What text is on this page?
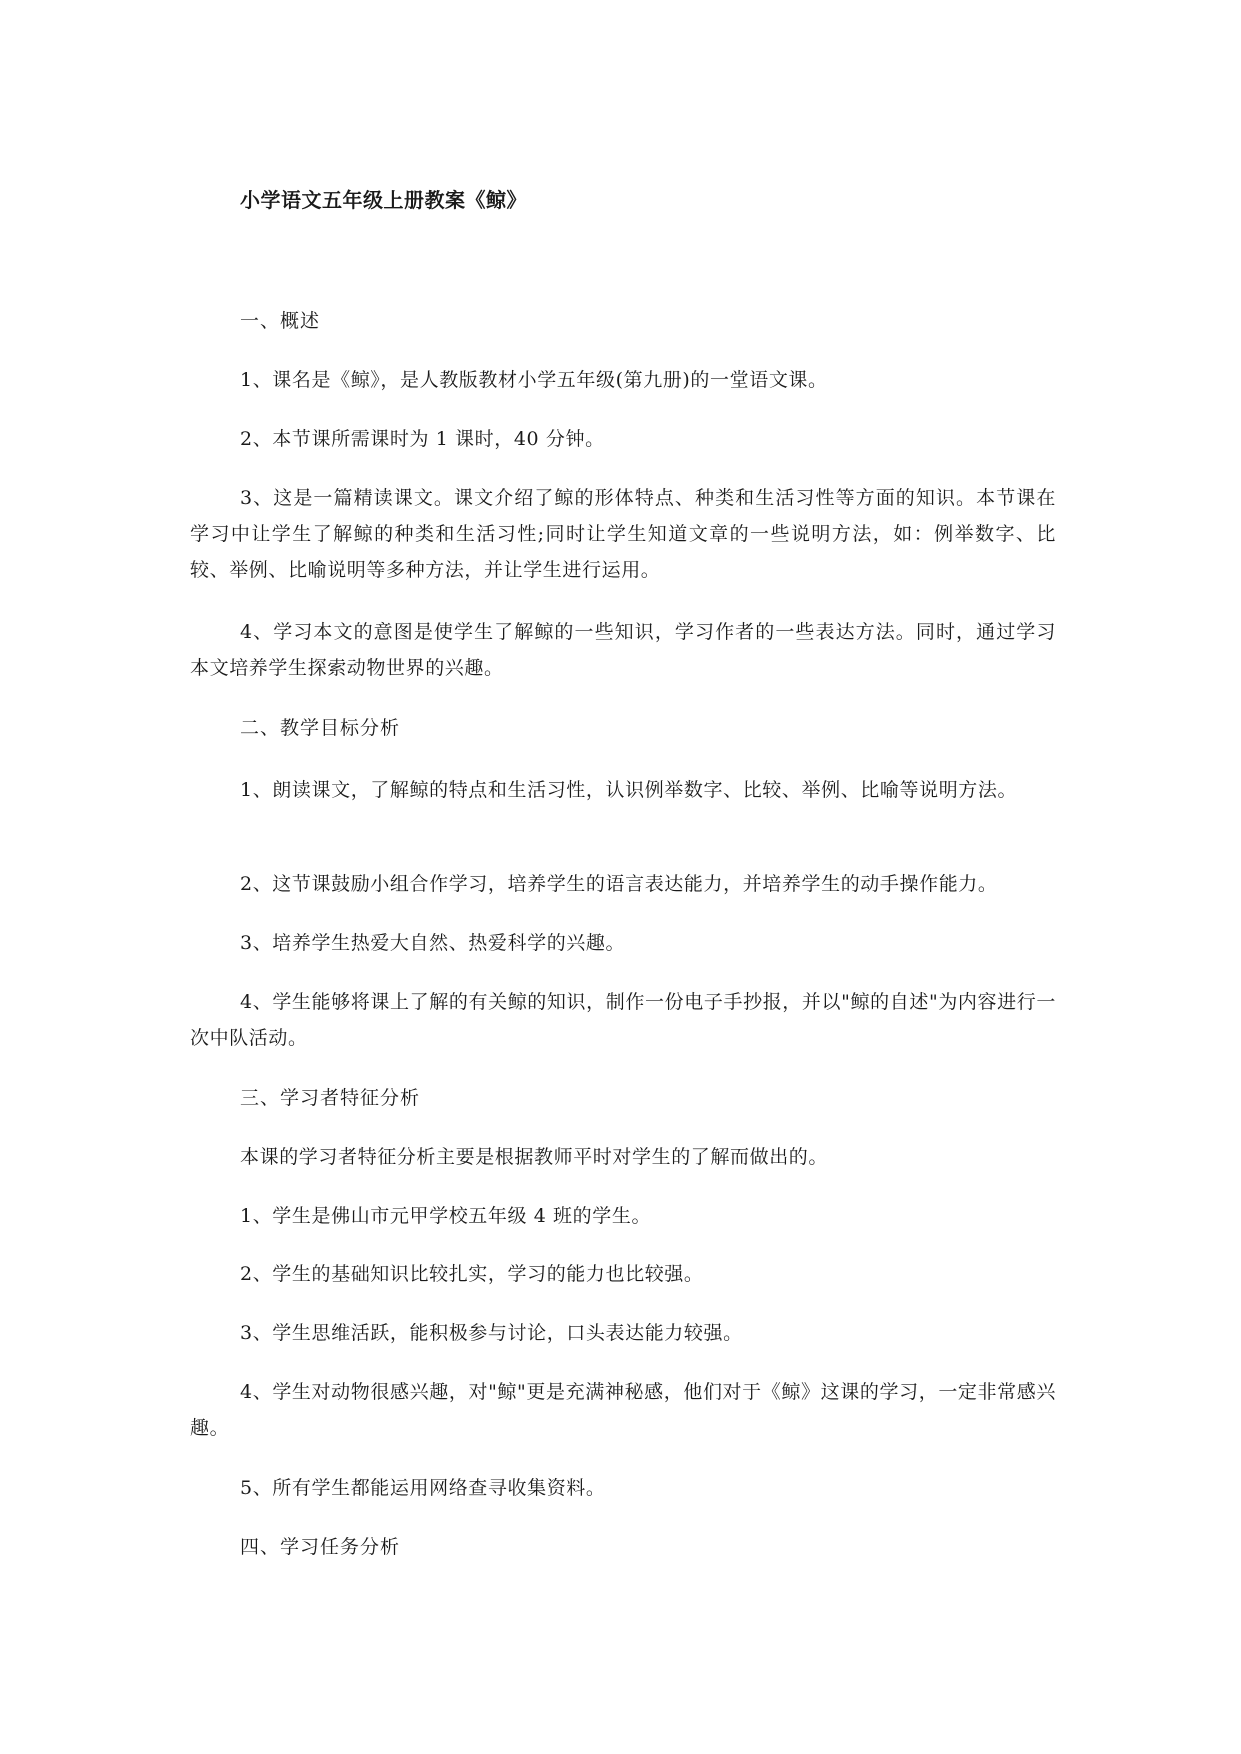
小学语文五年级上册教案《鲸》
一、概述
1、课名是《鲸》，是人教版教材小学五年级(第九册)的一堂语文课。
2、本节课所需课时为 1 课时，40 分钟。
3、这是一篇精读课文。课文介绍了鲸的形体特点、种类和生活习性等方面的知识。本节课在学习中让学生了解鲸的种类和生活习性;同时让学生知道文章的一些说明方法，如：例举数字、比较、举例、比喻说明等多种方法，并让学生进行运用。
4、学习本文的意图是使学生了解鲸的一些知识，学习作者的一些表达方法。同时，通过学习本文培养学生探索动物世界的兴趣。
二、教学目标分析
1、朗读课文，了解鲸的特点和生活习性，认识例举数字、比较、举例、比喻等说明方法。
2、这节课鼓励小组合作学习，培养学生的语言表达能力，并培养学生的动手操作能力。
3、培养学生热爱大自然、热爱科学的兴趣。
4、学生能够将课上了解的有关鲸的知识，制作一份电子手抄报，并以"鲸的自述"为内容进行一次中队活动。
三、学习者特征分析
本课的学习者特征分析主要是根据教师平时对学生的了解而做出的。
1、学生是佛山市元甲学校五年级 4 班的学生。
2、学生的基础知识比较扎实，学习的能力也比较强。
3、学生思维活跃，能积极参与讨论，口头表达能力较强。
4、学生对动物很感兴趣，对"鲸"更是充满神秘感，他们对于《鲸》这课的学习，一定非常感兴趣。
5、所有学生都能运用网络查寻收集资料。
四、学习任务分析
